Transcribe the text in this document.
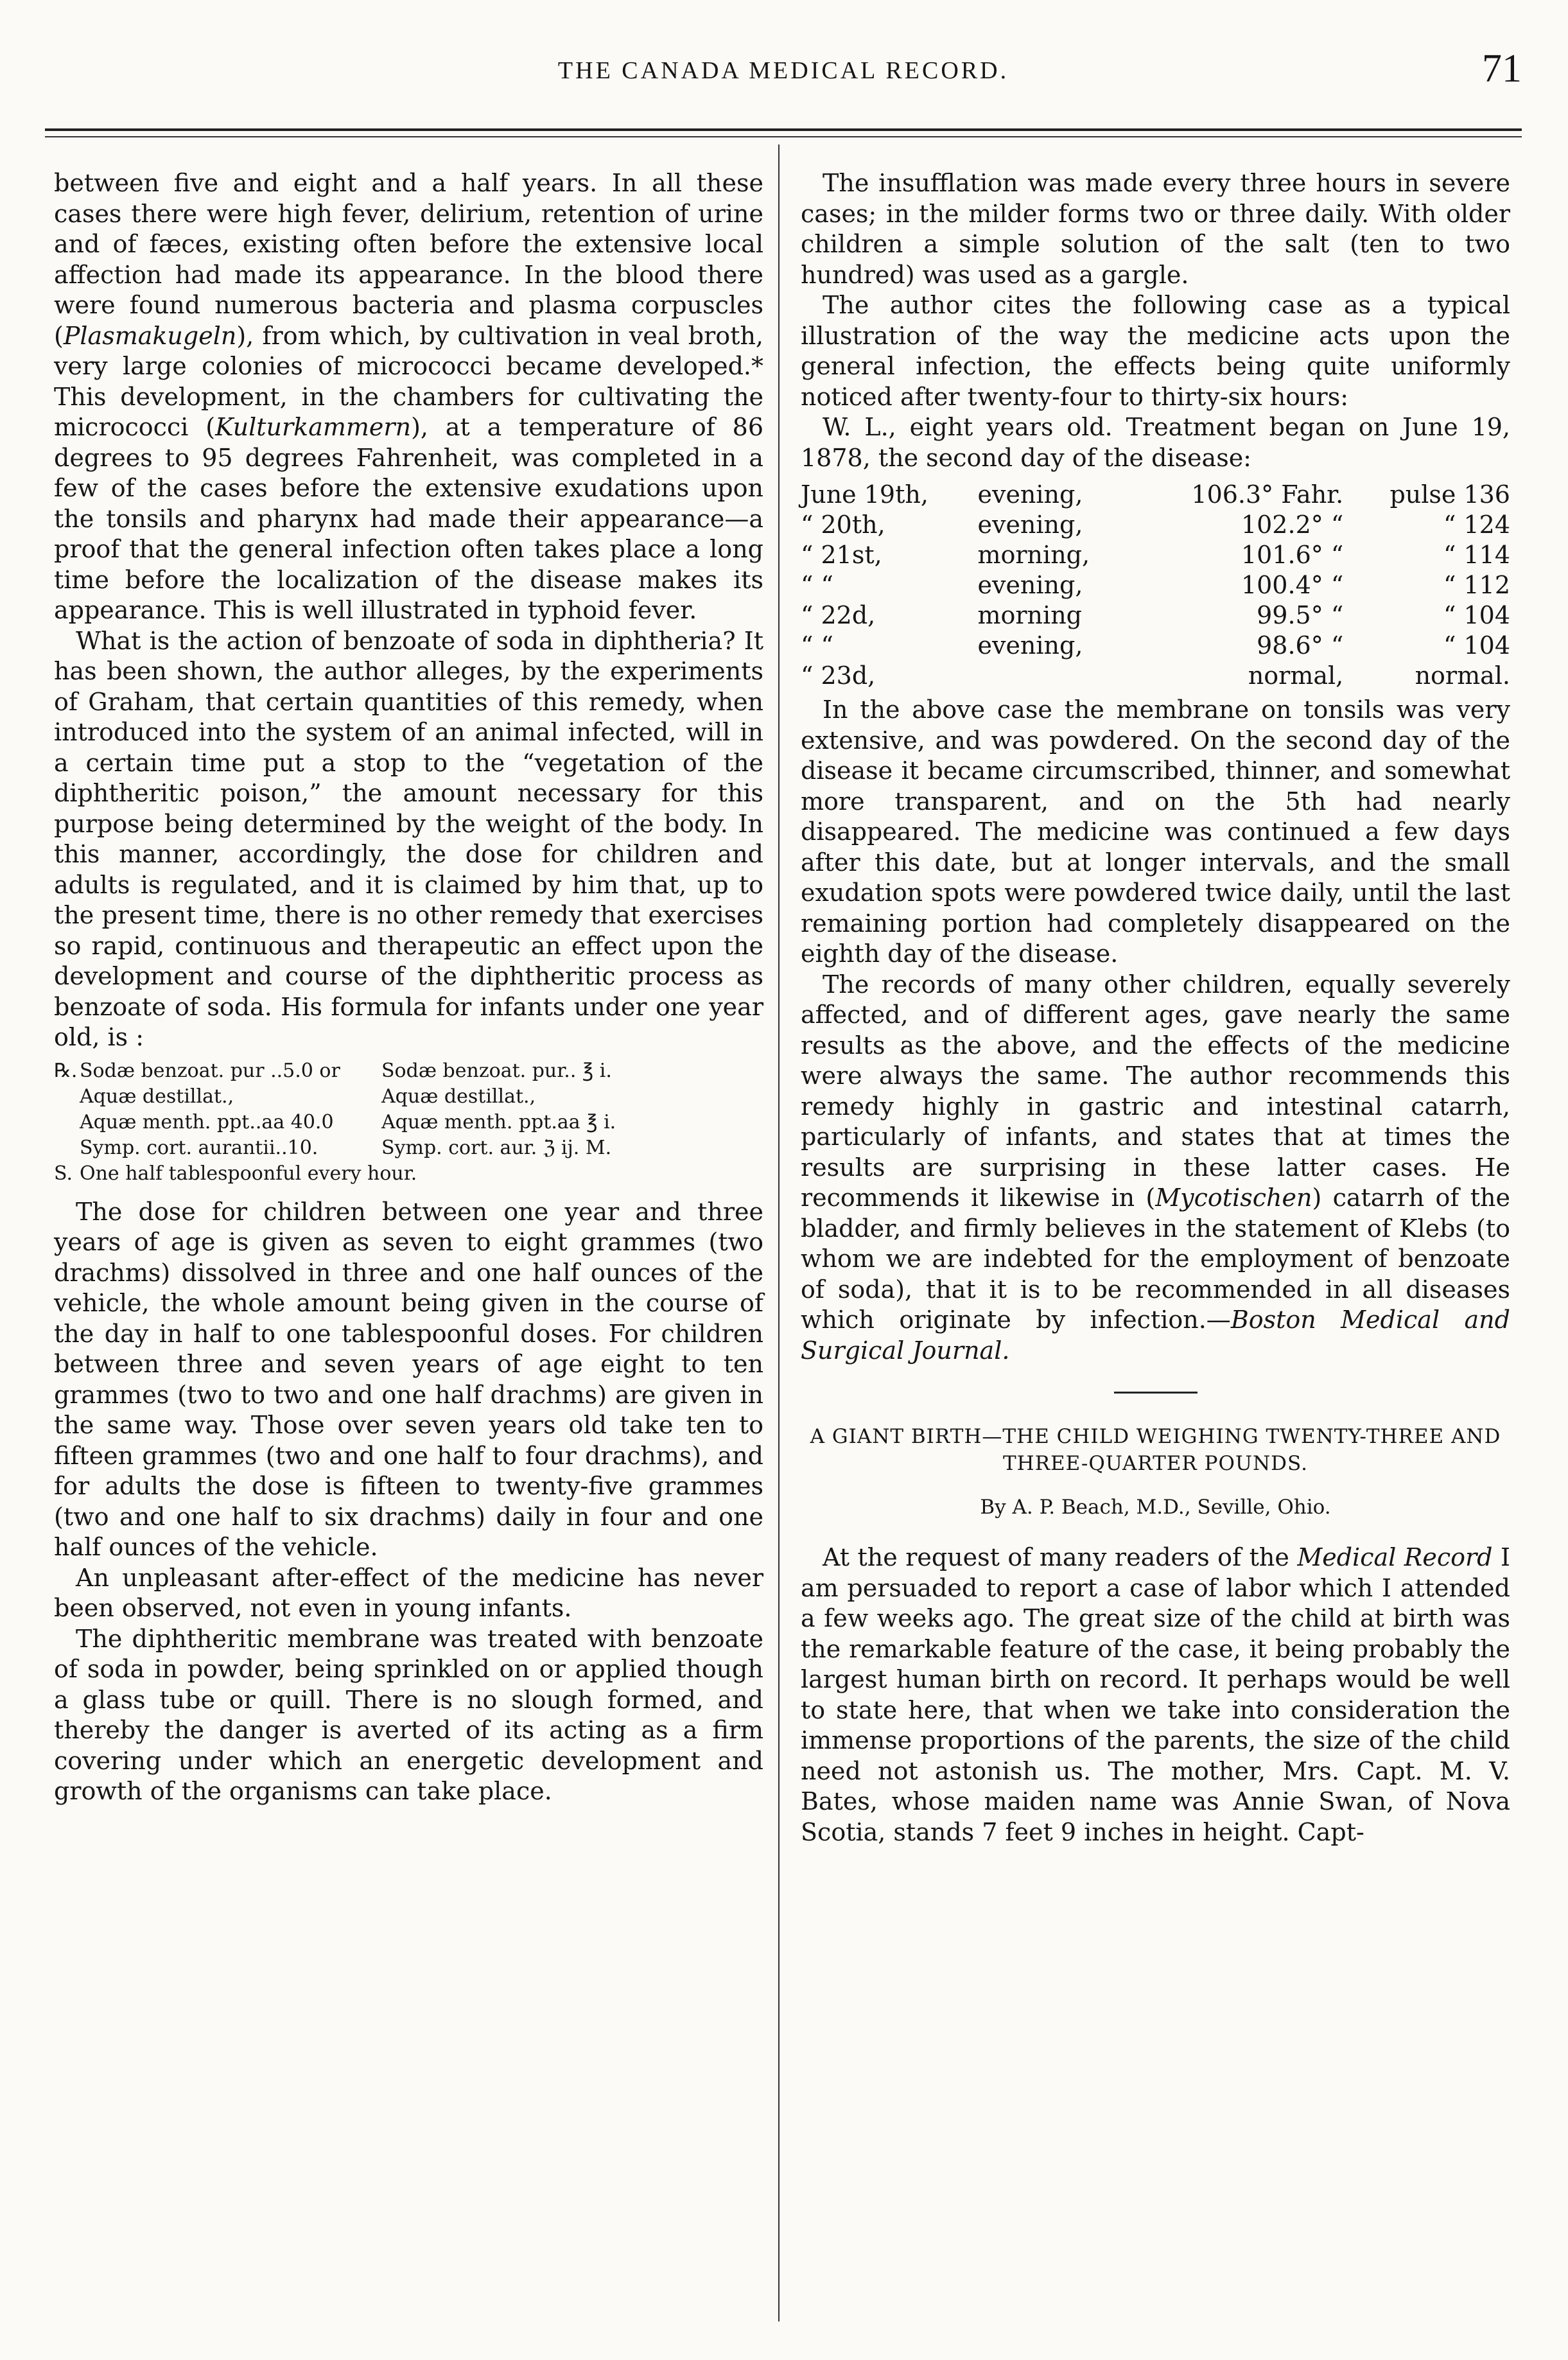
THE CANADA MEDICAL RECORD.	71

between five and eight and a half years. In all these cases there were high fever, delirium, retention of urine and of fæces, existing often before the extensive local affection had made its appearance. In the blood there were found numerous bacteria and plasma corpuscles (Plasmakugeln), from which, by cultivation in veal broth, very large colonies of micrococci became developed.* This development, in the chambers for cultivating the micrococci (Kulturkammern), at a temperature of 86 degrees to 95 degrees Fahrenheit, was completed in a few of the cases before the extensive exudations upon the tonsils and pharynx had made their appearance—a proof that the general infection often takes place a long time before the localization of the disease makes its appearance. This is well illustrated in typhoid fever.

What is the action of benzoate of soda in diphtheria? It has been shown, the author alleges, by the experiments of Graham, that certain quantities of this remedy, when introduced into the system of an animal infected, will in a certain time put a stop to the “vegetation of the diphtheritic poison,” the amount necessary for this purpose being determined by the weight of the body. In this manner, accordingly, the dose for children and adults is regulated, and it is claimed by him that, up to the present time, there is no other remedy that exercises so rapid, continuous and therapeutic an effect upon the development and course of the diphtheritic process as benzoate of soda. His formula for infants under one year old, is :

℞. Sodæ benzoat. pur ..5.0 or	Sodæ benzoat. pur.. ℥ i.
Aquæ destillat.,	Aquæ destillat.,
Aquæ menth. ppt..aa 40.0	Aquæ menth. ppt.aa ℥ i.
Symp. cort. aurantii..10.	Symp. cort. aur. ℨ ij. M.
S. One half tablespoonful every hour.

The dose for children between one year and three years of age is given as seven to eight grammes (two drachms) dissolved in three and one half ounces of the vehicle, the whole amount being given in the course of the day in half to one tablespoonful doses. For children between three and seven years of age eight to ten grammes (two to two and one half drachms) are given in the same way. Those over seven years old take ten to fifteen grammes (two and one half to four drachms), and for adults the dose is fifteen to twenty-five grammes (two and one half to six drachms) daily in four and one half ounces of the vehicle.

An unpleasant after-effect of the medicine has never been observed, not even in young infants.

The diphtheritic membrane was treated with benzoate of soda in powder, being sprinkled on or applied though a glass tube or quill. There is no slough formed, and thereby the danger is averted of its acting as a firm covering under which an energetic development and growth of the organisms can take place.

The insufflation was made every three hours in severe cases; in the milder forms two or three daily. With older children a simple solution of the salt (ten to two hundred) was used as a gargle.

The author cites the following case as a typical illustration of the way the medicine acts upon the general infection, the effects being quite uniformly noticed after twenty-four to thirty-six hours:

W. L., eight years old. Treatment began on June 19, 1878, the second day of the disease:

June 19th,	evening,	106.3° Fahr.	pulse 136
“ 20th,	evening,	102.2° “	“ 124
“ 21st,	morning,	101.6° “	“ 114
“ “	evening,	100.4° “	“ 112
“ 22d,	morning	99.5° “	“ 104
“ “	evening,	98.6° “	“ 104
“ 23d,		normal,	normal.

In the above case the membrane on tonsils was very extensive, and was powdered. On the second day of the disease it became circumscribed, thinner, and somewhat more transparent, and on the 5th had nearly disappeared. The medicine was continued a few days after this date, but at longer intervals, and the small exudation spots were powdered twice daily, until the last remaining portion had completely disappeared on the eighth day of the disease.

The records of many other children, equally severely affected, and of different ages, gave nearly the same results as the above, and the effects of the medicine were always the same. The author recommends this remedy highly in gastric and intestinal catarrh, particularly of infants, and states that at times the results are surprising in these latter cases. He recommends it likewise in (Mycotischen) catarrh of the bladder, and firmly believes in the statement of Klebs (to whom we are indebted for the employment of benzoate of soda), that it is to be recommended in all diseases which originate by infection.—Boston Medical and Surgical Journal.

A GIANT BIRTH—THE CHILD WEIGHING TWENTY-THREE AND THREE-QUARTER POUNDS.
By A. P. Beach, M.D., Seville, Ohio.

At the request of many readers of the Medical Record I am persuaded to report a case of labor which I attended a few weeks ago. The great size of the child at birth was the remarkable feature of the case, it being probably the largest human birth on record. It perhaps would be well to state here, that when we take into consideration the immense proportions of the parents, the size of the child need not astonish us. The mother, Mrs. Capt. M. V. Bates, whose maiden name was Annie Swan, of Nova Scotia, stands 7 feet 9 inches in height. Capt-
